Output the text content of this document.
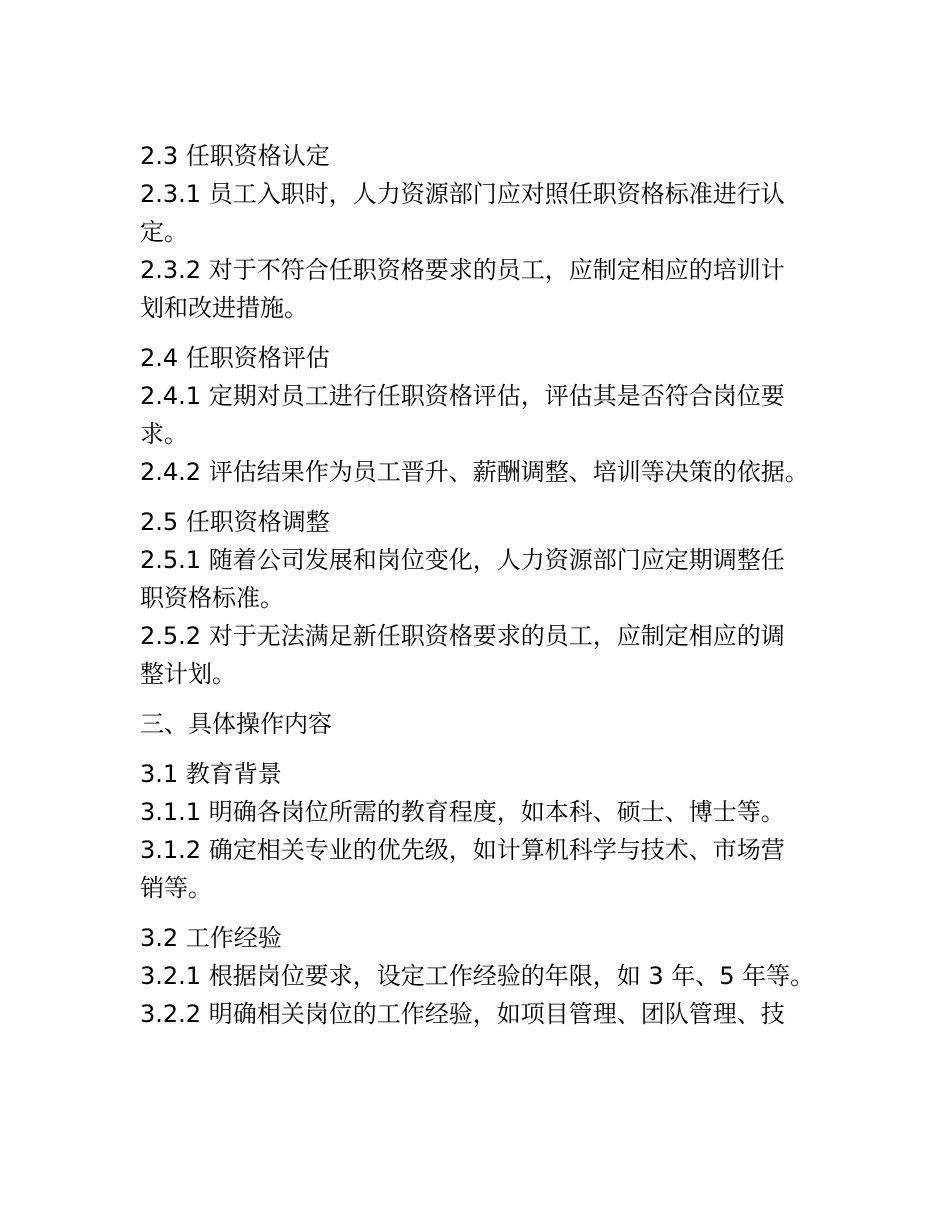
2.3 任职资格认定
2.3.1 员工入职时，人力资源部门应对照任职资格标准进行认
定。
2.3.2 对于不符合任职资格要求的员工，应制定相应的培训计
划和改进措施。
2.4 任职资格评估
2.4.1 定期对员工进行任职资格评估，评估其是否符合岗位要
求。
2.4.2 评估结果作为员工晋升、薪酬调整、培训等决策的依据。
2.5 任职资格调整
2.5.1 随着公司发展和岗位变化，人力资源部门应定期调整任
职资格标准。
2.5.2 对于无法满足新任职资格要求的员工，应制定相应的调
整计划。
三、具体操作内容
3.1 教育背景
3.1.1 明确各岗位所需的教育程度，如本科、硕士、博士等。
3.1.2 确定相关专业的优先级，如计算机科学与技术、市场营
销等。
3.2 工作经验
3.2.1 根据岗位要求，设定工作经验的年限，如 3 年、5 年等。
3.2.2 明确相关岗位的工作经验，如项目管理、团队管理、技
